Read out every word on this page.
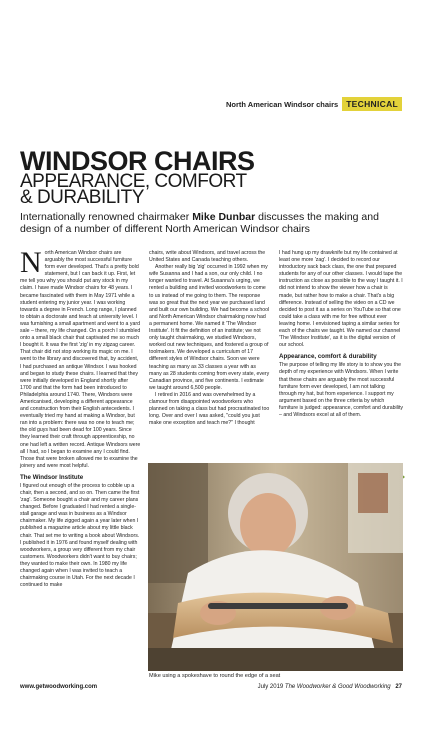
North American Windsor chairs TECHNICAL
WINDSOR CHAIRS
APPEARANCE, COMFORT
& DURABILITY
Internationally renowned chairmaker Mike Dunbar discusses the making and design of a number of different North American Windsor chairs

North American Windsor chairs are arguably the most successful furniture form ever developed. That's a pretty bold statement, but I can back it up. First, let me tell you why you should put any stock in my claim. I have made Windsor chairs for 48 years. I became fascinated with them in May 1971 while a student entering my junior year. I was working towards a degree in French. Long range, I planned to obtain a doctorate and teach at university level. I was furnishing a small apartment and went to a yard sale – there, my life changed. On a porch I stumbled onto a small black chair that captivated me so much I bought it. It was the first 'zig' in my zigzag career. That chair did not stop working its magic on me. I went to the library and discovered that, by accident, I had purchased an antique Windsor. I was hooked and began to study these chairs. I learned that they were initially developed in England shortly after 1700 and that the form had been introduced to Philadelphia around 1740. There, Windsors were Americanised, developing a different appearance and construction from their English antecedents. I eventually tried my hand at making a Windsor, but ran into a problem: there was no one to teach me; the old guys had been dead for 100 years. Since they learned their craft through apprenticeship, no one had left a written record. Antique Windsors were all I had, so I began to examine any I could find. Those that were broken allowed me to examine the joinery and were most helpful.

The Windsor Institute

I figured out enough of the process to cobble up a chair, then a second, and so on. Then came the first 'zag'. Someone bought a chair and my career plans changed. Before I graduated I had rented a single-stall garage and was in business as a Windsor chairmaker. My life zigged again a year later when I published a magazine article about my little black chair. That set me to writing a book about Windsors. I published it in 1976 and found myself dealing with woodworkers, a group very different from my chair customers. Woodworkers didn't want to buy chairs; they wanted to make their own. In 1980 my life changed again when I was invited to teach a chairmaking course in Utah. For the next decade I continued to make

chairs, write about Windsors, and travel across the United States and Canada teaching others.

Another really big 'zig' occurred in 1992 when my wife Susanna and I had a son, our only child. I no longer wanted to travel. At Susanna's urging, we rented a building and invited woodworkers to come to us instead of me going to them. The response was so great that the next year we purchased land and built our own building. We had become a school and North American Windsor chairmaking now had a permanent home. We named it 'The Windsor Institute'. It fit the definition of an institute; we not only taught chairmaking, we studied Windsors, worked out new techniques, and fostered a group of toolmakers. We developed a curriculum of 17 different styles of Windsor chairs. Soon we were teaching as many as 33 classes a year with as many as 28 students coming from every state, every Canadian province, and five continents. I estimate we taught around 6,500 people.

I retired in 2016 and was overwhelmed by a clamour from disappointed woodworkers who planned on taking a class but had procrastinated too long. Over and over I was asked, "could you just make one exception and teach me?" I thought

I had hung up my drawknife but my life contained at least one more 'zag'. I decided to record our introductory sack back class, the one that prepared students for any of our other classes. I would tape the instruction as close as possible to the way I taught it. I did not intend to show the viewer how a chair is made, but rather how to make a chair. That's a big difference. Instead of selling the video on a CD we decided to post it as a series on YouTube so that one could take a class with me for free without ever leaving home. I envisioned taping a similar series for each of the chairs we taught. We named our channel 'The Windsor Institute', as it is the digital version of our school.

Appearance, comfort & durability

The purpose of telling my life story is to show you the depth of my experience with Windsors. When I write that these chairs are arguably the most successful furniture form ever developed, I am not talking through my hat, but from experience. I support my argument based on the three criteria by which furniture is judged: appearance, comfort and durability – and Windsors excel at all of them.

Mike using a spokeshave to round the edge of a seat
www.getwoodworking.com	July 2019 The Woodworker & Good Woodworking 27
